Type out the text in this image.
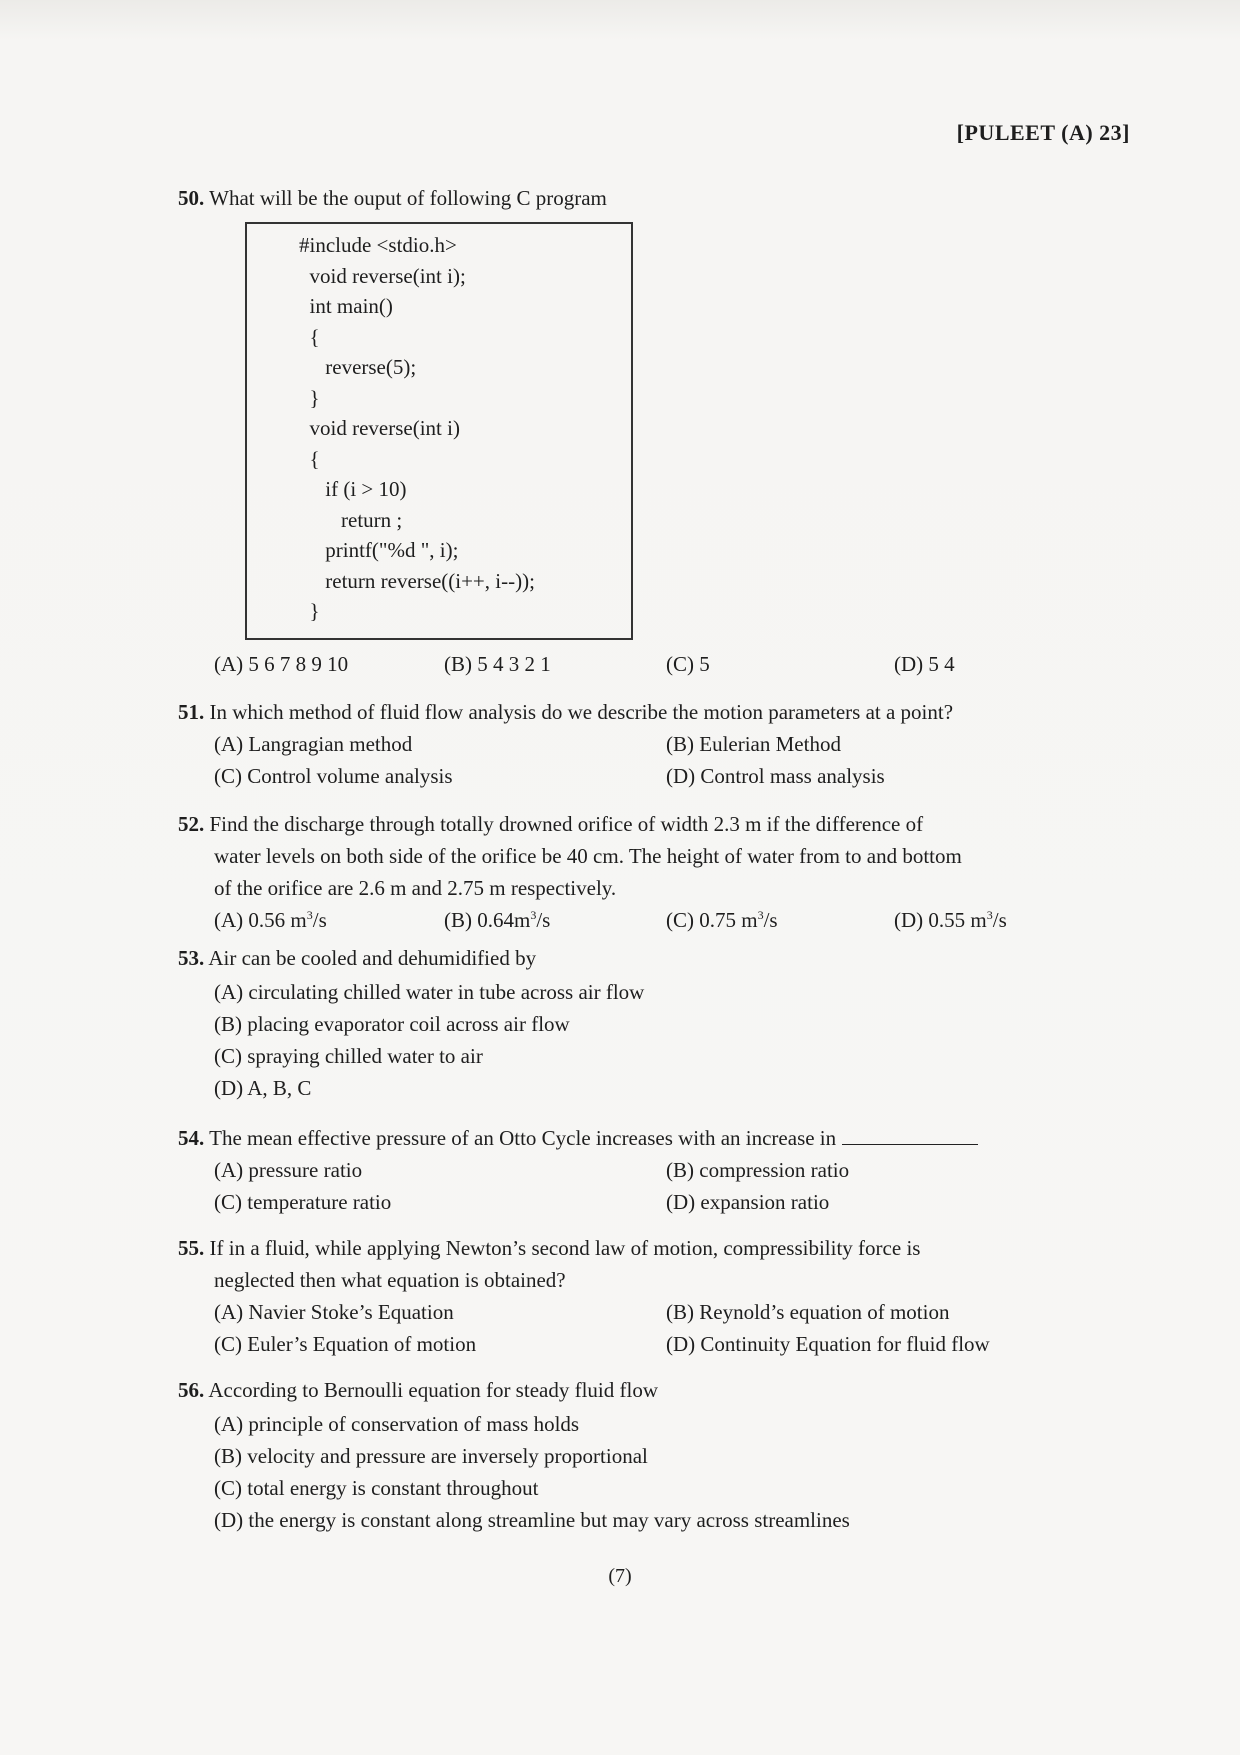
[PULEET (A) 23]
50. What will be the ouput of following C program
#include <stdio.h>
void reverse(int i);
int main()
{
reverse(5);
}
void reverse(int i)
{
if (i > 10)
return ;
printf("%d ", i);
return reverse((i++, i--));
}
(A) 5 6 7 8 9 10	(B) 5 4 3 2 1	(C) 5	(D) 5 4
51. In which method of fluid flow analysis do we describe the motion parameters at a point?
(A) Langragian method	(B) Eulerian Method
(C) Control volume analysis	(D) Control mass analysis
52. Find the discharge through totally drowned orifice of width 2.3 m if the difference of
water levels on both side of the orifice be 40 cm. The height of water from to and bottom
of the orifice are 2.6 m and 2.75 m respectively.
(A) 0.56 $m^3/s$	(B) $0.64m^3/s$	(C) 0.75 $m^3/s$	(D) 0.55 $m^3/s$
53. Air can be cooled and dehumidified by
(A) circulating chilled water in tube across air flow
(B) placing evaporator coil across air flow
(C) spraying chilled water to air
(D) A, B, C
54. The mean effective pressure of an Otto Cycle increases with an increase in
(A) pressure ratio	(B) compression ratio
(C) temperature ratio	(D) expansion ratio
55. If in a fluid, while applying Newton’s second law of motion, compressibility force is
neglected then what equation is obtained?
(A) Navier Stoke’s Equation	(B) Reynold’s equation of motion
(C) Euler’s Equation of motion	(D) Continuity Equation for fluid flow
56. According to Bernoulli equation for steady fluid flow
(A) principle of conservation of mass holds
(B) velocity and pressure are inversely proportional
(C) total energy is constant throughout
(D) the energy is constant along streamline but may vary across streamlines
(7)
